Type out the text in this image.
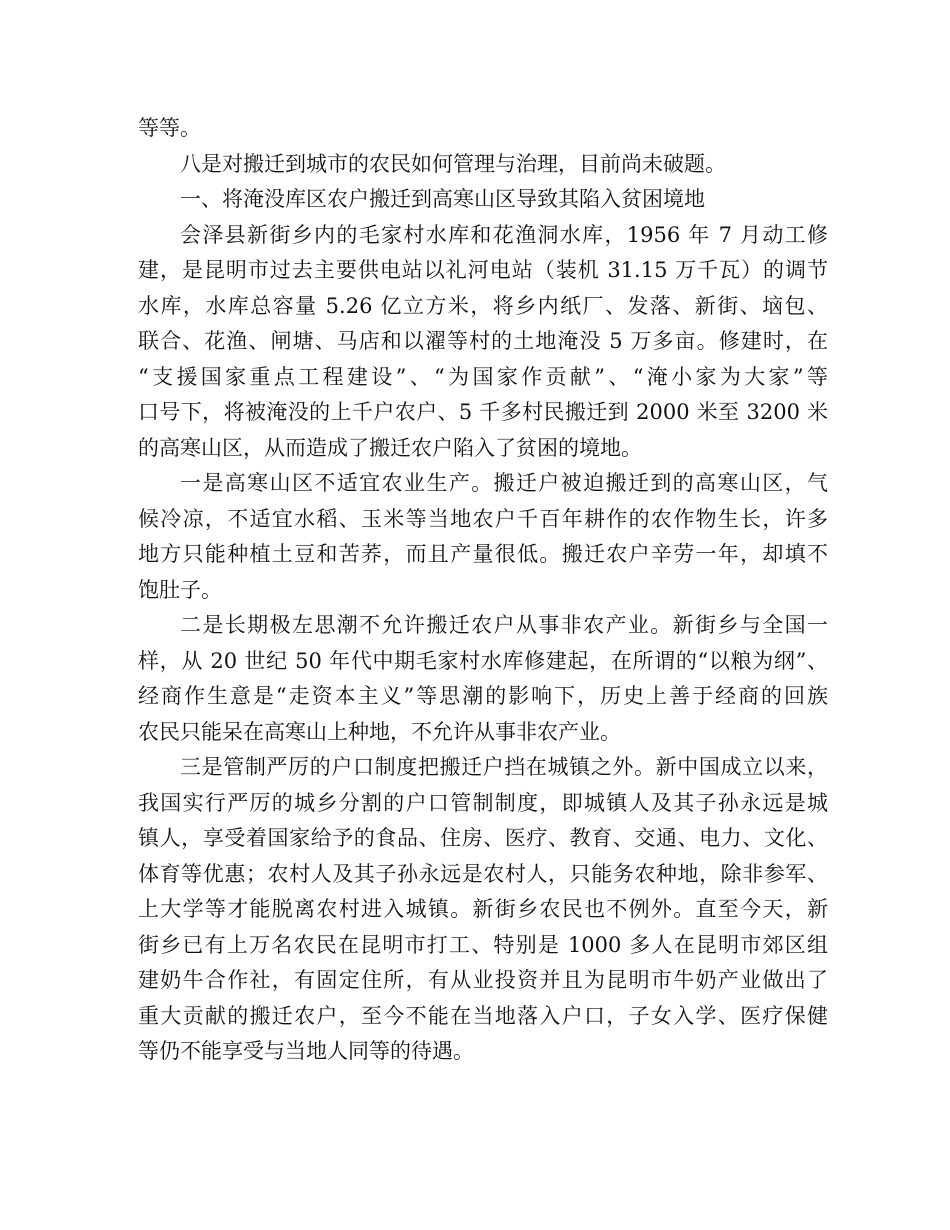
等等。
八是对搬迁到城市的农民如何管理与治理，目前尚未破题。
一、将淹没库区农户搬迁到高寒山区导致其陷入贫困境地
会泽县新街乡内的毛家村水库和花渔洞水库，1956 年 7 月动工修
建，是昆明市过去主要供电站以礼河电站（装机 31.15 万千瓦）的调节
水库，水库总容量 5.26 亿立方米，将乡内纸厂、发落、新街、垴包、
联合、花渔、闸塘、马店和以濯等村的土地淹没 5 万多亩。修建时，在
“支援国家重点工程建设”、“为国家作贡献”、“淹小家为大家”等
口号下，将被淹没的上千户农户、5 千多村民搬迁到 2000 米至 3200 米
的高寒山区，从而造成了搬迁农户陷入了贫困的境地。
一是高寒山区不适宜农业生产。搬迁户被迫搬迁到的高寒山区，气
候冷凉，不适宜水稻、玉米等当地农户千百年耕作的农作物生长，许多
地方只能种植土豆和苦荞，而且产量很低。搬迁农户辛劳一年，却填不
饱肚子。
二是长期极左思潮不允许搬迁农户从事非农产业。新街乡与全国一
样，从 20 世纪 50 年代中期毛家村水库修建起，在所谓的“以粮为纲”、
经商作生意是“走资本主义”等思潮的影响下，历史上善于经商的回族
农民只能呆在高寒山上种地，不允许从事非农产业。
三是管制严厉的户口制度把搬迁户挡在城镇之外。新中国成立以来，
我国实行严厉的城乡分割的户口管制制度，即城镇人及其子孙永远是城
镇人，享受着国家给予的食品、住房、医疗、教育、交通、电力、文化、
体育等优惠；农村人及其子孙永远是农村人，只能务农种地，除非参军、
上大学等才能脱离农村进入城镇。新街乡农民也不例外。直至今天，新
街乡已有上万名农民在昆明市打工、特别是 1000 多人在昆明市郊区组
建奶牛合作社，有固定住所，有从业投资并且为昆明市牛奶产业做出了
重大贡献的搬迁农户，至今不能在当地落入户口，子女入学、医疗保健
等仍不能享受与当地人同等的待遇。
